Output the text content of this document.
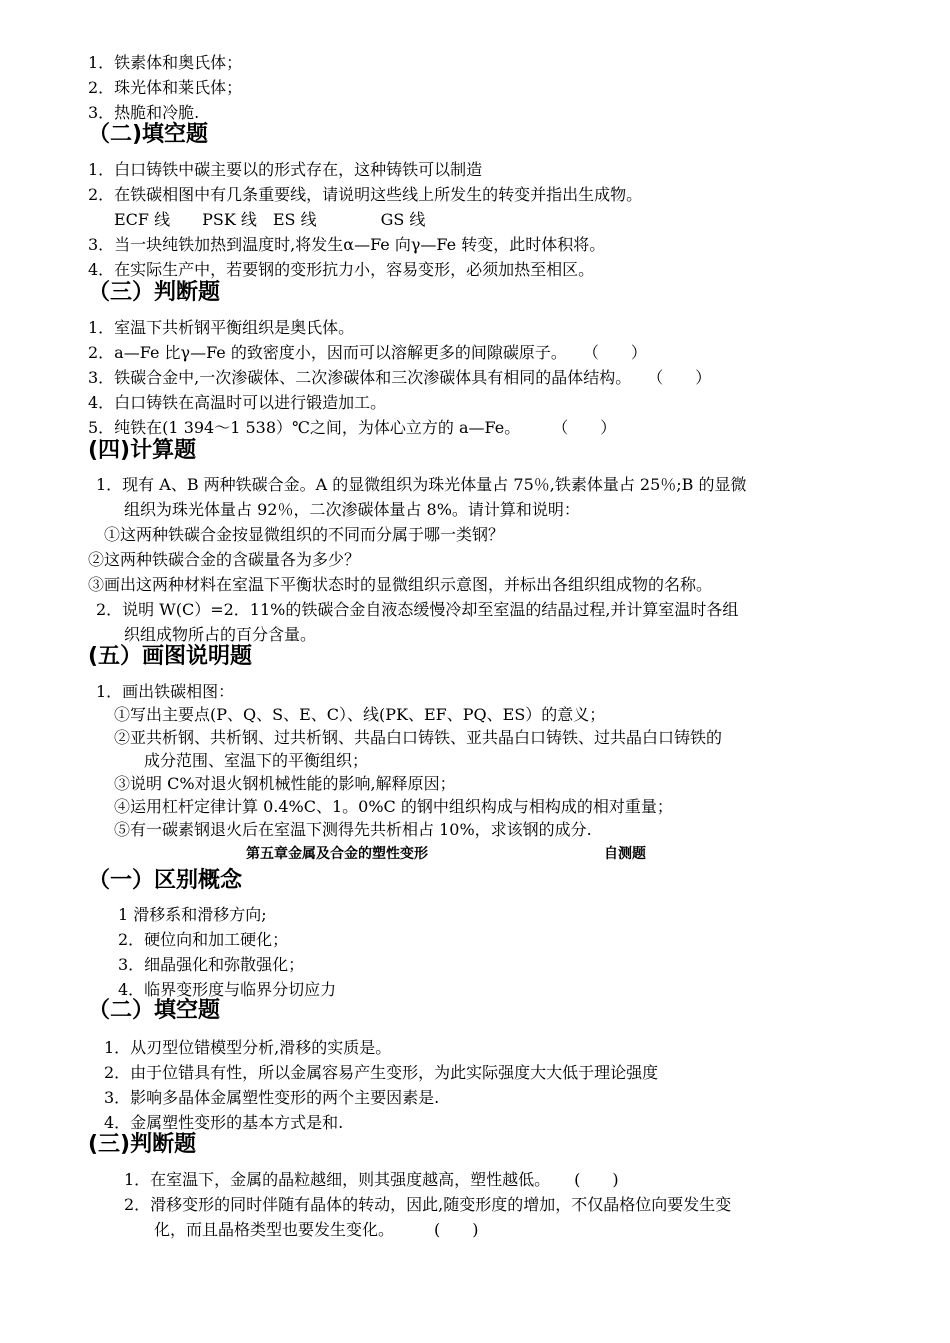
1．铁素体和奥氏体；
2．珠光体和莱氏体；
3．热脆和冷脆.
（二)填空题
1．白口铸铁中碳主要以的形式存在，这种铸铁可以制造
2．在铁碳相图中有几条重要线，请说明这些线上所发生的转变并指出生成物。
ECF 线　　PSK 线　ES 线　　　　GS 线
3．当一块纯铁加热到温度时,将发生α—Fe 向γ—Fe 转变，此时体积将。
4．在实际生产中，若要钢的变形抗力小，容易变形，必须加热至相区。
（三）判断题
1．室温下共析钢平衡组织是奥氏体。
2．a—Fe 比γ—Fe 的致密度小，因而可以溶解更多的间隙碳原子。　　（　　）
3．铁碳合金中,一次渗碳体、二次渗碳体和三次渗碳体具有相同的晶体结构。　　（　　）
4．白口铸铁在高温时可以进行锻造加工。
5．纯铁在(1 394～1 538）℃之间，为体心立方的 a—Fe。　　　（　　）
(四)计算题
1．现有 A、B 两种铁碳合金。A 的显微组织为珠光体量占 75％,铁素体量占 25％;B 的显微
组织为珠光体量占 92％，二次渗碳体量占 8%。请计算和说明：
①这两种铁碳合金按显微组织的不同而分属于哪一类钢？
②这两种铁碳合金的含碳量各为多少？
③画出这两种材料在室温下平衡状态时的显微组织示意图，并标出各组织组成物的名称。
2．说明 W(C）=2．11%的铁碳合金自液态缓慢冷却至室温的结晶过程,并计算室温时各组
织组成物所占的百分含量。
(五）画图说明题
1．画出铁碳相图：
①写出主要点(P、Q、S、E、C）、线(PK、EF、PQ、ES）的意义；
②亚共析钢、共析钢、过共析钢、共晶白口铸铁、亚共晶白口铸铁、过共晶白口铸铁的
成分范围、室温下的平衡组织；
③说明 C%对退火钢机械性能的影响,解释原因；
④运用杠杆定律计算 0.4%C、1。0%C 的钢中组织构成与相构成的相对重量；
⑤有一碳素钢退火后在室温下测得先共析相占 10%，求该钢的成分.
第五章金属及合金的塑性变形	自测题
（一）区别概念
1 滑移系和滑移方向;
2．硬位向和加工硬化；
3．细晶强化和弥散强化；
4．临界变形度与临界分切应力
（二）填空题
1．从刃型位错模型分析,滑移的实质是。
2．由于位错具有性，所以金属容易产生变形，为此实际强度大大低于理论强度
3．影响多晶体金属塑性变形的两个主要因素是.
4．金属塑性变形的基本方式是和.
(三)判断题
1．在室温下，金属的晶粒越细，则其强度越高，塑性越低。　　(　　)
2．滑移变形的同时伴随有晶体的转动，因此,随变形度的增加，不仅晶格位向要发生变
化，而且晶格类型也要发生变化。　　　(　　)
